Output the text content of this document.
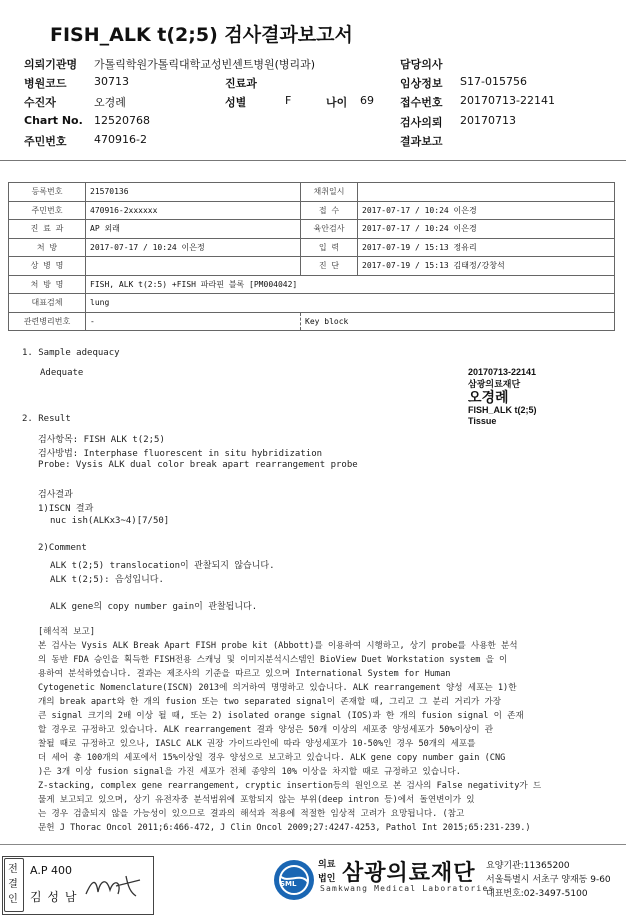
FISH_ALK t(2;5) 검사결과보고서
의뢰기관명 가톨릭학원가톨릭대학교성빈센트병원(병리과)	담당의사
병원코드 30713	진료과	임상정보 S17-015756
수진자	오경례	성별	F	나이 69 접수번호 20170713-22141
Chart No. 12520768	검사의뢰 20170713
주민번호 470916-2	결과보고
등록번호	21570136	채취일시	
주민번호	470916-2xxxxxx	접 수	2017-07-17 / 10:24 이은경
진 료 과	AP 외래	육안검사	2017-07-17 / 10:24 이은경
처 방	2017-07-17 / 10:24 이은정	입 력	2017-07-19 / 15:13 정유리
상 병 명		진 단	2017-07-19 / 15:13 김태정/강창석
처 방 명	FISH, ALK t(2:5) +FISH 파라핀 블록 [PM004042]		
대표검체	lung		
관련병리번호	-	Key block	
1. Sample adequacy
Adequate	20170713-22141
삼광의료재단
오경례
FISH_ALK t(2;5)
Tissue
2. Result
검사항목: FISH ALK t(2;5)
검사방법: Interphase fluorescent in situ hybridization
Probe: Vysis ALK dual color break apart rearrangement probe
검사결과
1)ISCN 결과
nuc ish(ALKx3~4)[7/50]
2)Comment
ALK t(2;5) translocation이 관찰되지 않습니다.
ALK t(2;5): 음성입니다.
ALK gene의 copy number gain이 관찰됩니다.
[해석적 보고]
본 검사는 Vysis ALK Break Apart FISH probe kit (Abbott)를 이용하여 시행하고, 상기 probe를 사용한 분석
의 동반 FDA 승인을 획득한 FISH전용 스캐닝 및 이미지분석시스템인 BioView Duet Workstation system 을 이
용하여 분석하였습니다. 결과는 제조사의 기준을 따르고 있으며 International System for Human
Cytogenetic Nomenclature(ISCN) 2013에 의거하여 명명하고 있습니다. ALK rearrangement 양성 세포는 1)한
개의 break apart와 한 개의 fusion 또는 two separated signal이 존재할 때, 그리고 그 분리 거리가 가장
큰 signal 크기의 2배 이상 될 때, 또는 2) isolated orange signal (IOS)과 한 개의 fusion signal 이 존재
할 경우로 규정하고 있습니다. ALK rearrangement 결과 양성은 50개 이상의 세포중 양성세포가 50%이상이 관
찰될 때로 규정하고 있으나, IASLC ALK 권장 가이드라인에 따라 양성세포가 10-50%인 경우 50개의 세포를
더 세어 총 100개의 세포에서 15%이상일 경우 양성으로 보고하고 있습니다. ALK gene copy number gain (CNG
)은 3개 이상 fusion signal을 가진 세포가 전체 종양의 10% 이상을 차지할 때로 규정하고 있습니다.
Z-stacking, complex gene rearrangement, cryptic insertion등의 원인으로 본 검사의 False negativity가 드
물게 보고되고 있으며, 상기 유전자중 분석범위에 포함되지 않는 부위(deep intron 등)에서 돌연변이가 있
는 경우 검출되지 않을 가능성이 있으므로 결과의 해석과 적용에 적절한 임상적 고려가 요망됩니다. (참고
문헌 J Thorac Oncol 2011;6:466-472, J Clin Oncol 2009;27:4247-4253, Pathol Int 2015;65:231-239.)
전결인
A.P 400
김 성 남
SML
의료
법인 삼광의료재단
Samkwang Medical Laboratories
요양기관:11365200
서울특별시 서초구 양재동 9-60
대표번호:02-3497-5100
